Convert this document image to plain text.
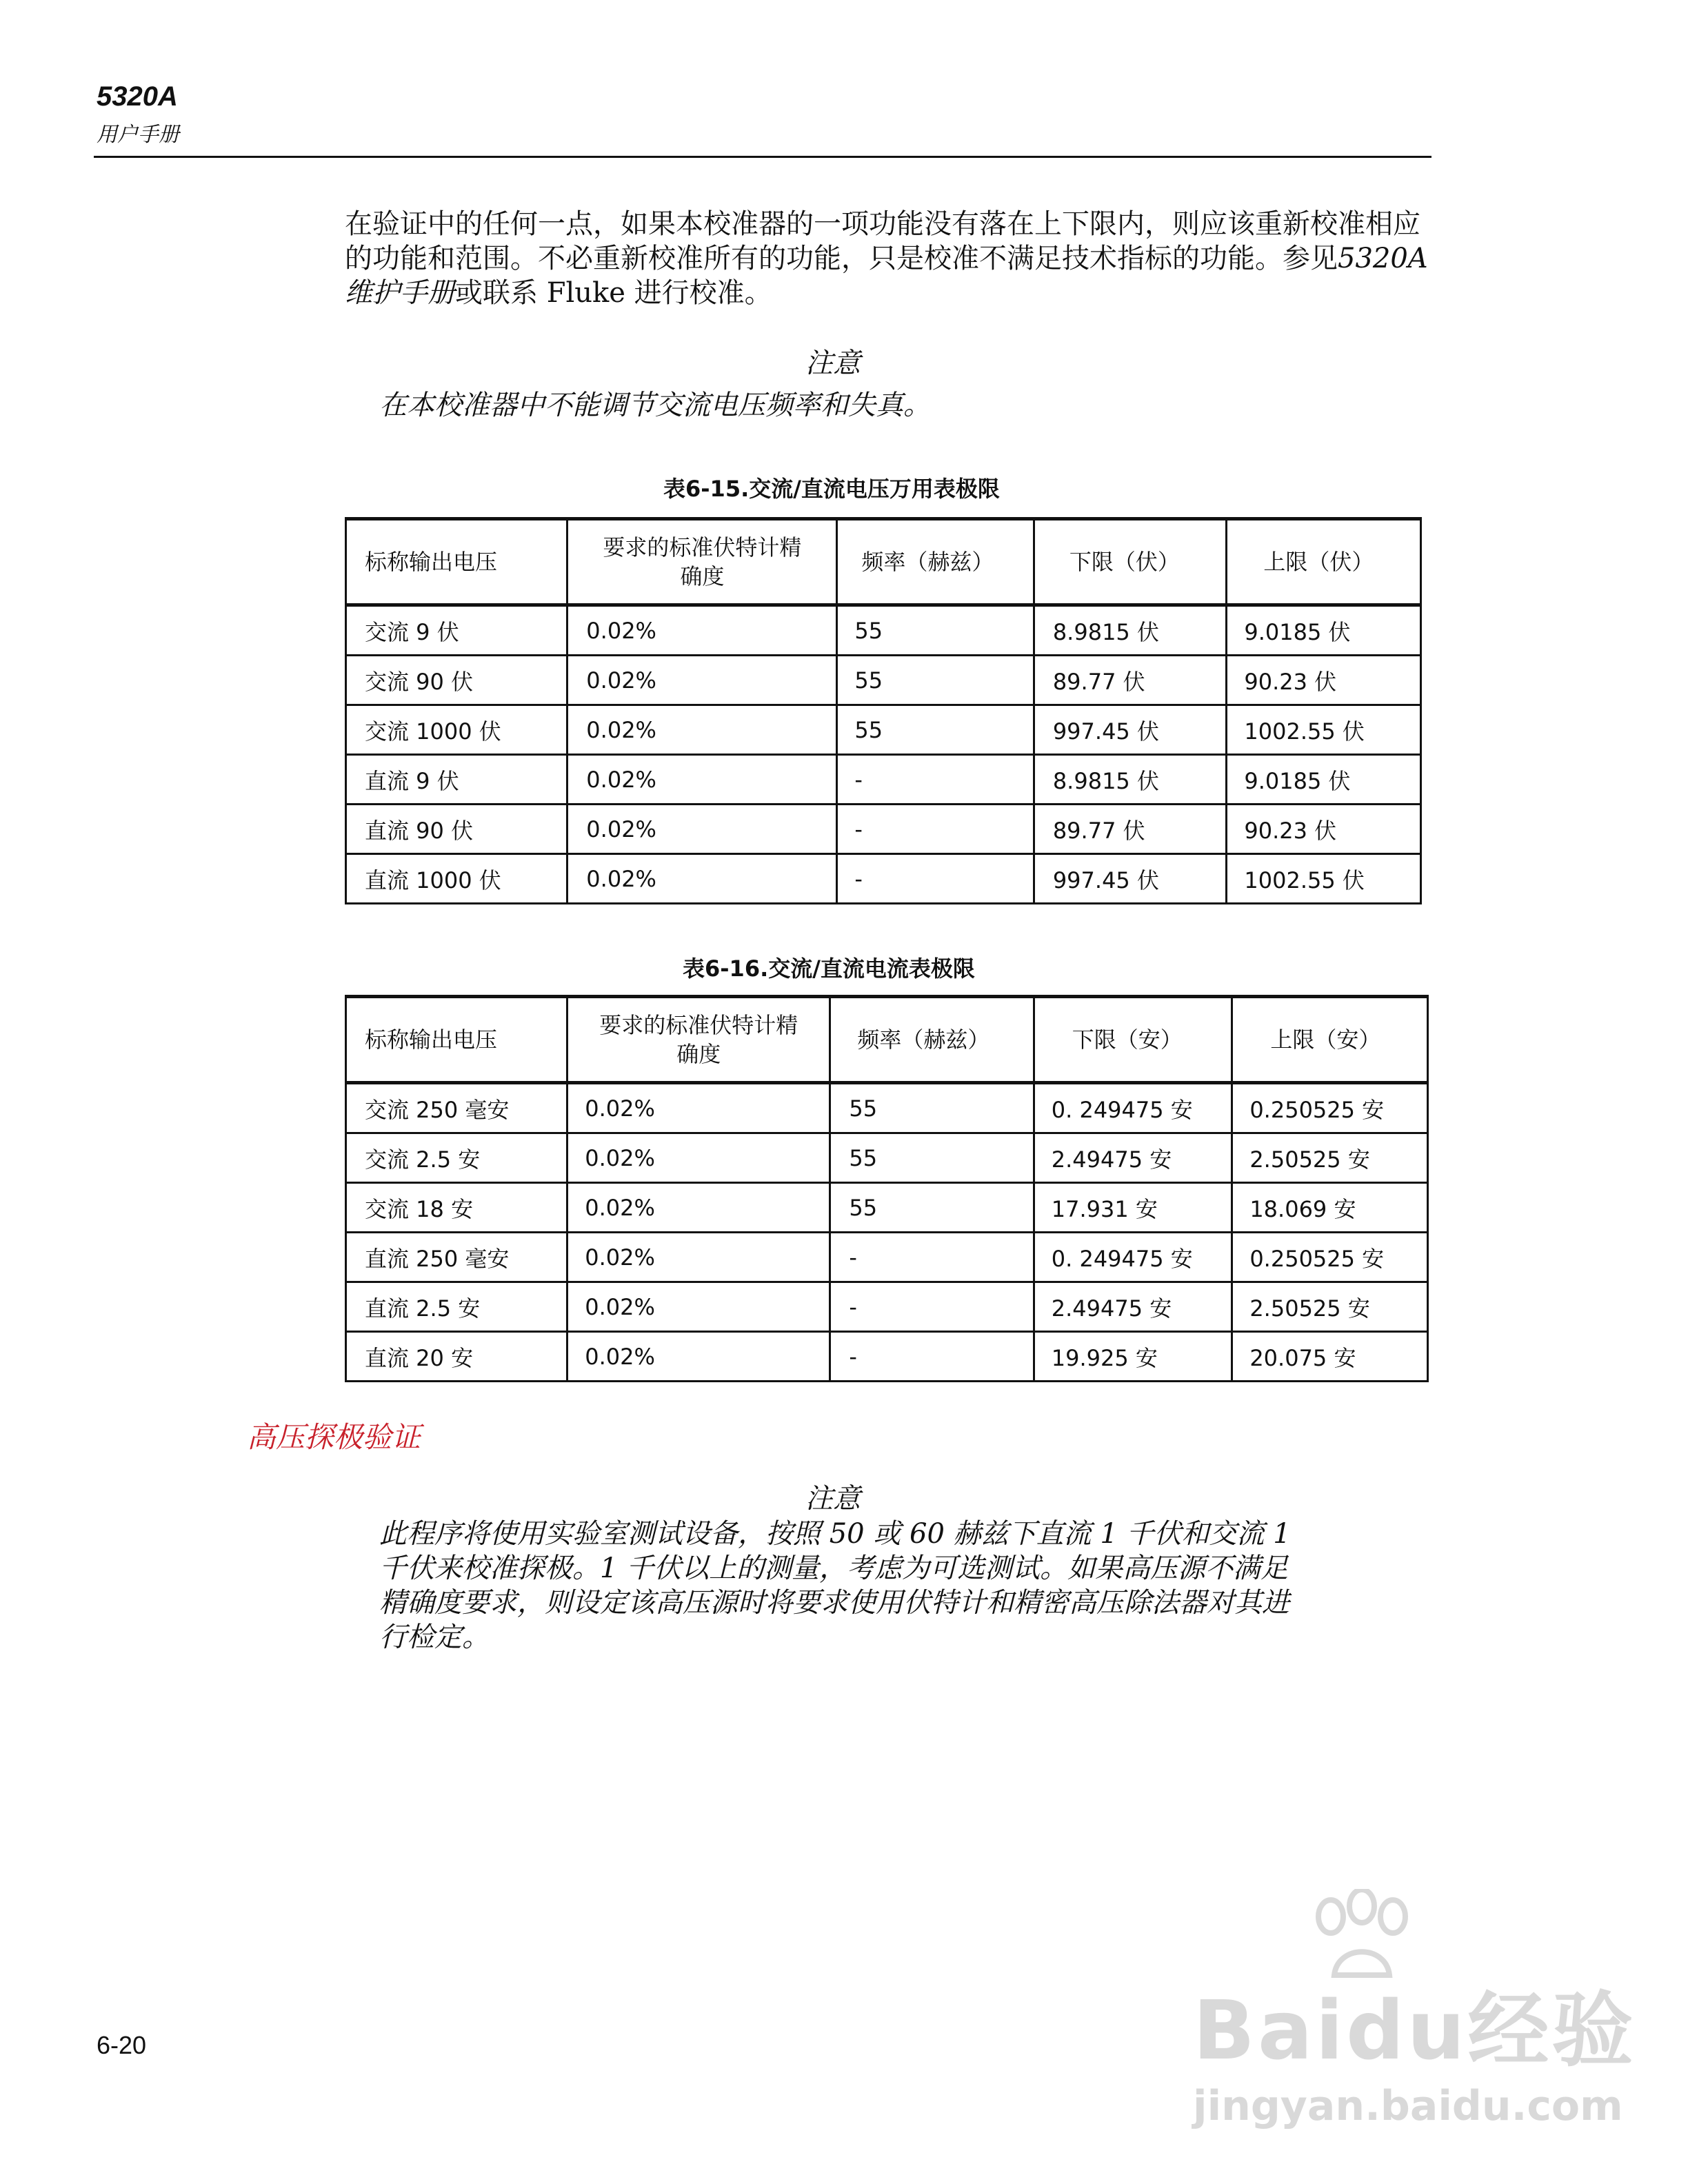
5320A
用户手册

在验证中的任何一点，如果本校准器的一项功能没有落在上下限内，则应该重新校准相应的功能和范围。不必重新校准所有的功能，只是校准不满足技术指标的功能。参见5320A 维护手册或联系 Fluke 进行校准。

注意
在本校准器中不能调节交流电压频率和失真。
表6-15.交流/直流电压万用表极限
标称输出电压	要求的标准伏特计精确度	频率（赫兹）	下限（伏）	上限（伏）
交流 9 伏	0.02%	55	8.9815 伏	9.0185 伏
交流 90 伏	0.02%	55	89.77 伏	90.23 伏
交流 1000 伏	0.02%	55	997.45 伏	1002.55 伏
直流 9 伏	0.02%	-	8.9815 伏	9.0185 伏
直流 90 伏	0.02%	-	89.77 伏	90.23 伏
直流 1000 伏	0.02%	-	997.45 伏	1002.55 伏
表6-16.交流/直流电流表极限
标称输出电压	要求的标准伏特计精确度	频率（赫兹）	下限（安）	上限（安）
交流 250 毫安	0.02%	55	0. 249475 安	0.250525 安
交流 2.5 安	0.02%	55	2.49475 安	2.50525 安
交流 18 安	0.02%	55	17.931 安	18.069 安
直流 250 毫安	0.02%	-	0. 249475 安	0.250525 安
直流 2.5 安	0.02%	-	2.49475 安	2.50525 安
直流 20 安	0.02%	-	19.925 安	20.075 安
高压探极验证
注意

此程序将使用实验室测试设备，按照 50 或 60 赫兹下直流 1 千伏和交流 1 千伏来校准探极。1 千伏以上的测量，考虑为可选测试。如果高压源不满足精确度要求，则设定该高压源时将要求使用伏特计和精密高压除法器对其进行检定。

6-20	Baidu经验
jingyan.baidu.com
